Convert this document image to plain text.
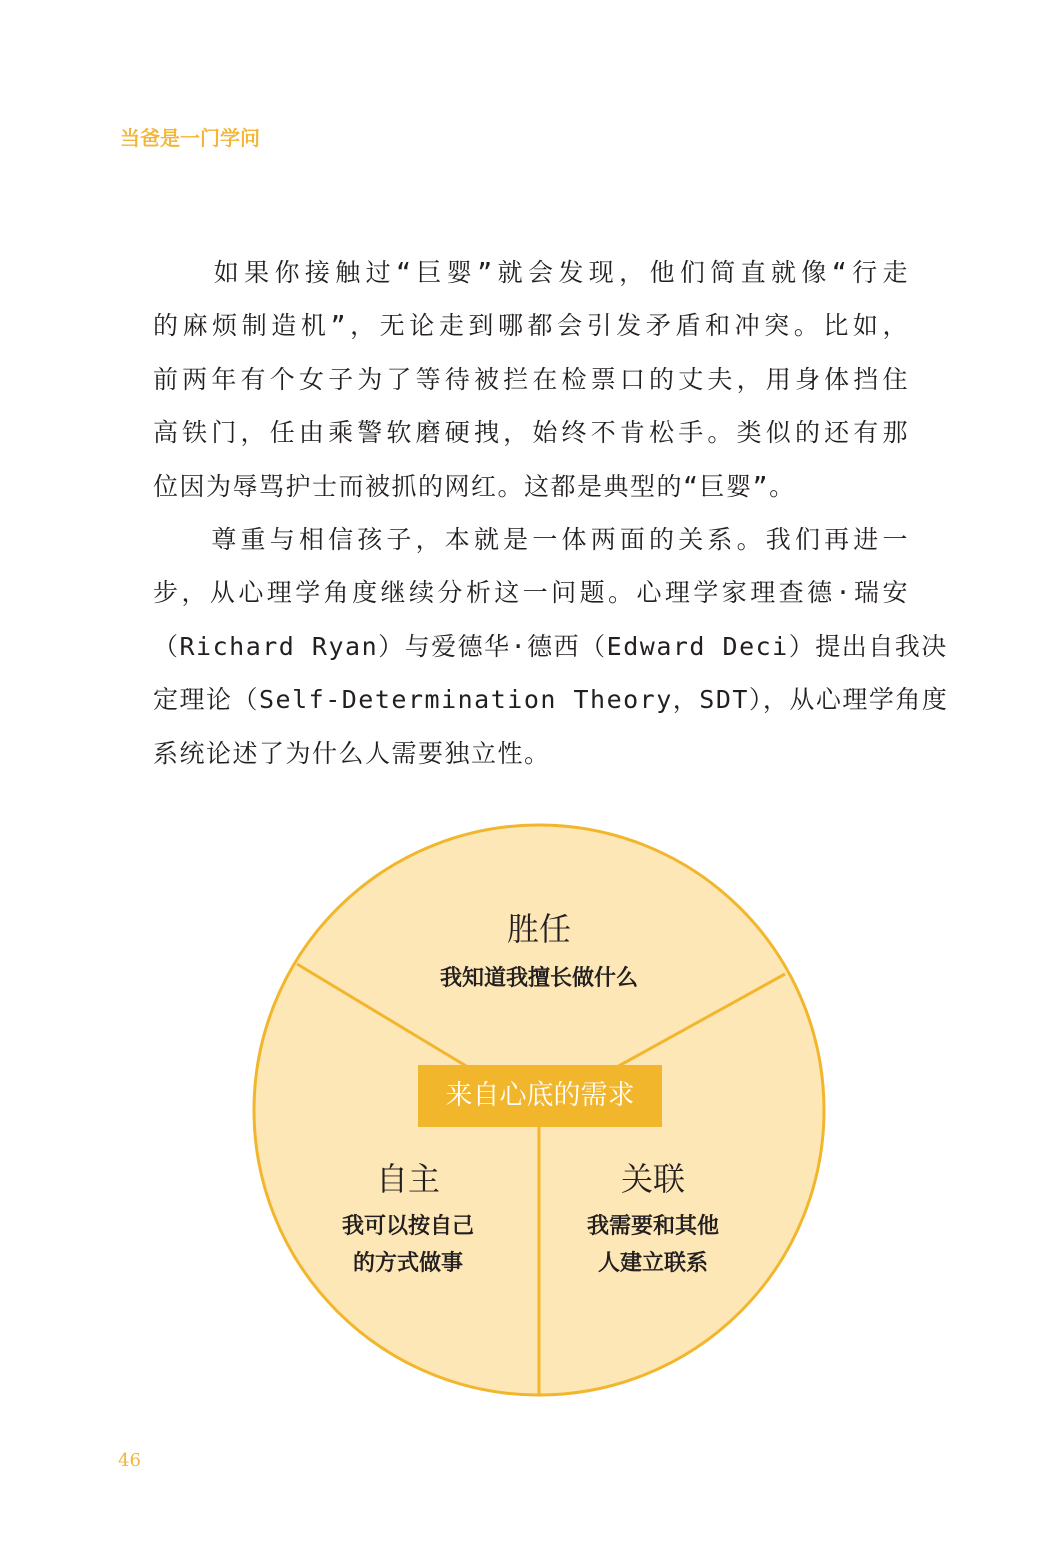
当爸是一门学问
　　如果你接触过“巨婴”就会发现，他们简直就像“行走
的麻烦制造机”，无论走到哪都会引发矛盾和冲突。比如，
前两年有个女子为了等待被拦在检票口的丈夫，用身体挡住
高铁门，任由乘警软磨硬拽，始终不肯松手。类似的还有那
位因为辱骂护士而被抓的网红。这都是典型的“巨婴”。
　　尊重与相信孩子，本就是一体两面的关系。我们再进一
步，从心理学角度继续分析这一问题。心理学家理查德·瑞安
（Richard Ryan）与爱德华·德西（Edward Deci）提出自我决
定理论（Self-Determination Theory，SDT），从心理学角度
系统论述了为什么人需要独立性。
胜任
我知道我擅长做什么
来自心底的需求
自主
我可以按自己
的方式做事
关联
我需要和其他
人建立联系
46
